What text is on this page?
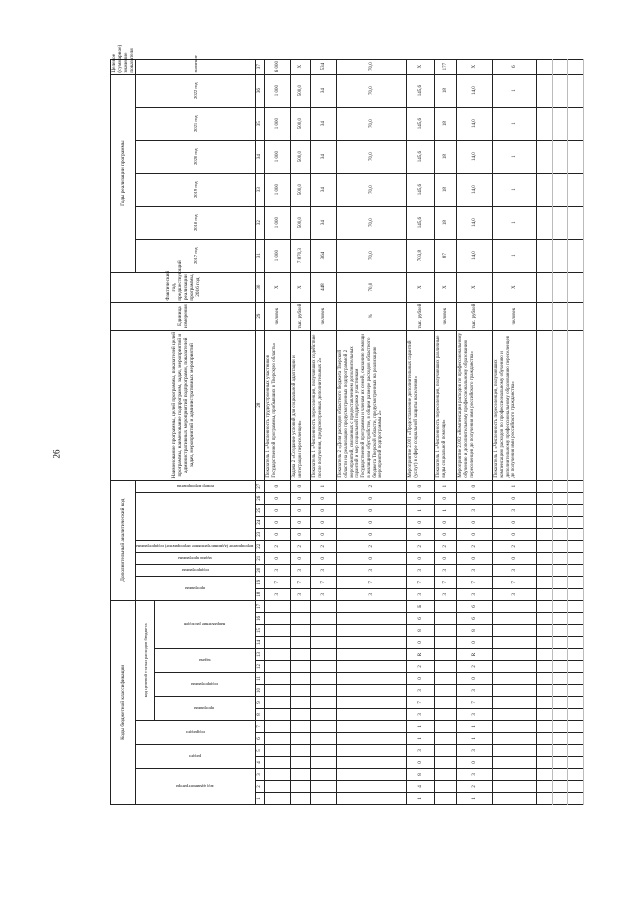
26
Коды бюджетной классификации																	Дополнительный аналитический код										Наименование программы, целей программы, показателей целей программы, наименование подпрограмм, задач, мероприятий и административных мероприятий подпрограмм, показателей задач, мероприятий и административных мероприятий	Единица измерения	Фактический год, предшествующий реализации программы, 2016 год	Годы реализации программы						Целевое (суммарное) значение показателя
код администратора			раздел		подраздел		код целевой статьи расходов бюджета										программа		подпрограмма	задача программы	мероприятие (административное мероприятие) подпрограммы					номер мероприятия				2017 год	2018 год	2019 год	2020 год	2021 год	2022 год	значение
							программа		подпрограмма		задача		направление расходов																							
1	2	3	4	5	6	7	8	9	10	11	12	13	14	15	16	17	18	19	20	21	22	23	24	25	26	27	28	29	30	31	32	33	34	35	36	37
																	3	7	3	0	2	0	0	0	0	0	Показатель 1 «Численность трудоустроенных участников Государственной программы, прибывших в Тверскую область»	человек	X	1 000	1 000	1 000	1 000	1 000	1 000	6 000
																	3	7	3	0	2	0	0	0	0	0	Задача 2 «Создание условий для социальной адаптации и интеграции переселенцев»	тыс. рублей	X	7 870,3	500,0	500,0	500,0	500,0	500,0	X
																	3	7	3	0	2	0	0	0	0	1	Показатель 1 «Численность переселенцев, получивших содействие после получения, предусмотренных дополнительных 2»	человек	448	364	34	34	34	34	34	534
																	3	7	3	0	2	0	0	0	0	2	Показатель 2 «Доля расходов областного бюджета Тверской области на реализацию предусмотренных подпрограммой 2 мероприятий, связанных с предоставлением дополнительных гарантий и мер социальной поддержки участникам Государственной программы и членам их семей, оказанию помощи в жилищном обустройстве, в общем размере расходов областного бюджета Тверской области, предусмотренных на реализацию мероприятий подпрограммы 2»	%	70,0	70,0	70,0	70,0	70,0	70,0	70,0	70,0
1	4	8	0	3	1	1	3	7	3	0	2	R	0	8	6	Б	3	7	3	0	2	0	0	1	0	0	Мероприятие 2.001 «Предоставление дополнительных гарантий (услуг) в сфере социальной защиты населения»	тыс. рублей	X	703,8	145,6	145,6	145,6	145,6	145,6	X
																	3	7	3	0	2	0	0	1	0	1	Показатель 1 «Численность переселенцев, получивших различные виды социальной помощи»	человек	X	87	18	18	18	18	18	177
1	2	3	0	3	1	1	3	7	3	0	2	R	0	8	6	6	3	7	3	0	2	0	0	3	0	0	Мероприятие 2.002 «Компенсация расходов по профессиональному обучению и дополнительному профессиональному образованию переселенцев до получения ими российского гражданства»	тыс. рублей	X	14,0	14,0	14,0	14,0	14,0	14,0	X
																	3	7	3	0	2	0	0	3	0	1	Показатель 1 «Численность переселенцев, получивших компенсацию расходов по профессиональному обучению и дополнительному профессиональному образованию переселенцев до получения ими российского гражданства»	человек	X	1	1	1	1	1	1	6
